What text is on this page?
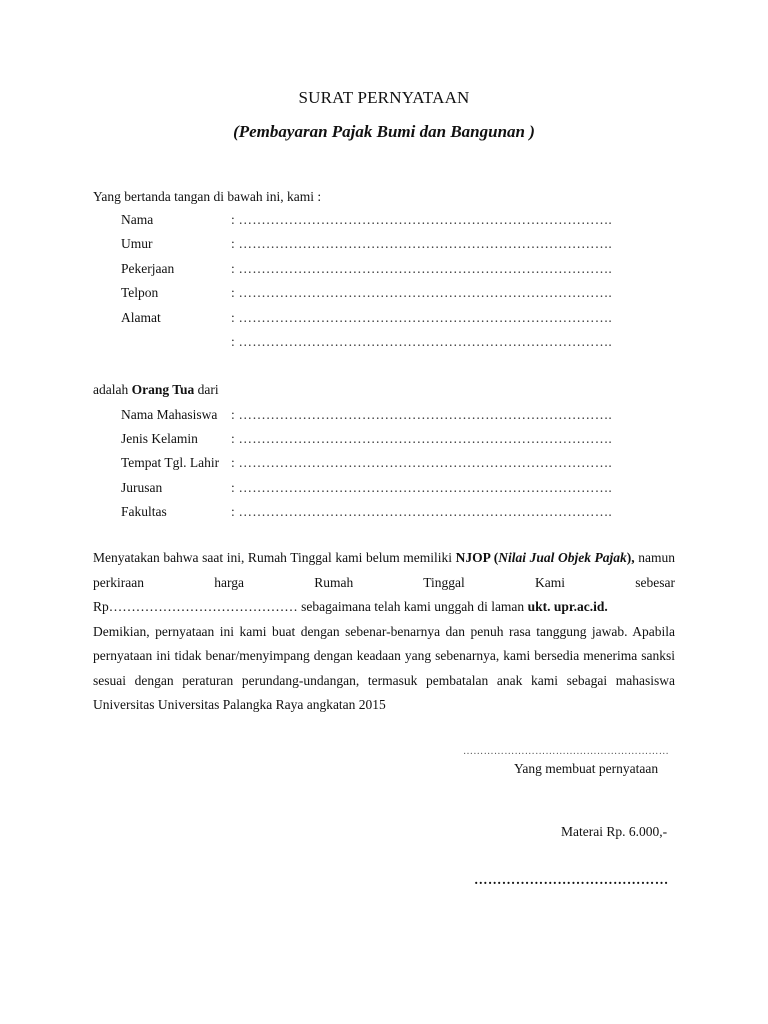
SURAT PERNYATAAN
(Pembayaran Pajak Bumi dan Bangunan )
Yang bertanda tangan di bawah ini, kami :
Nama	: ……………………………………………………………………….
Umur	: ……………………………………………………………………….
Pekerjaan	: ……………………………………………………………………….
Telpon	: ……………………………………………………………………….
Alamat	: ……………………………………………………………………….
: ……………………………………………………………………….
adalah Orang Tua dari
Nama Mahasiswa : ……………………………………………………………………….
Jenis Kelamin : ……………………………………………………………………….
Tempat Tgl. Lahir : ……………………………………………………………………….
Jurusan	: ……………………………………………………………………….
Fakultas	: ……………………………………………………………………….

Menyatakan bahwa saat ini, Rumah Tinggal kami belum memiliki NJOP (Nilai Jual Objek Pajak), namun perkiraan harga Rumah Tinggal Kami sebesar

Rp…………………………………… sebagaimana telah kami unggah di laman ukt. upr.ac.id.

Demikian, pernyataan ini kami buat dengan sebenar-benarnya dan penuh rasa tanggung jawab. Apabila pernyataan ini tidak benar/menyimpang dengan keadaan yang sebenarnya, kami bersedia menerima sanksi sesuai dengan peraturan perundang-undangan, termasuk pembatalan anak kami sebagai mahasiswa Universitas Universitas Palangka Raya angkatan 2015

……………………………………………………
Yang membuat pernyataan
Materai Rp. 6.000,-
……………………………………
